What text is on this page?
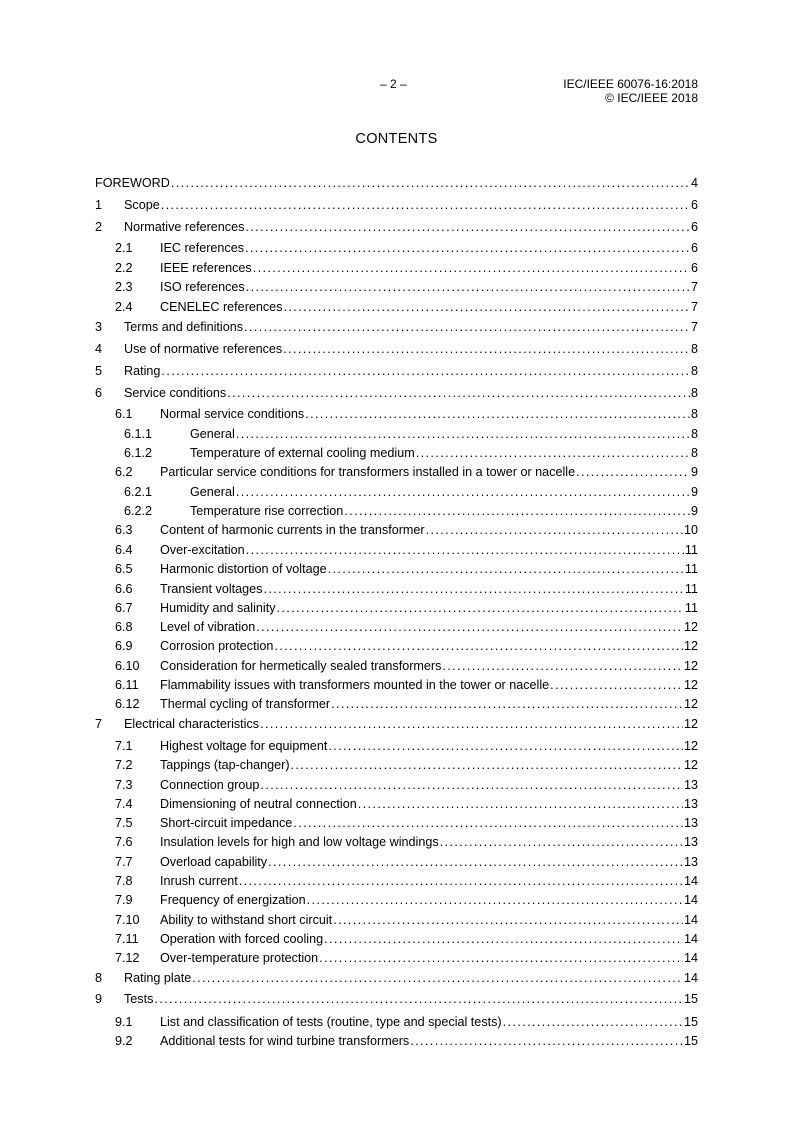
– 2 –	IEC/IEEE 60076-16:2018
© IEC/IEEE 2018
CONTENTS
FOREWORD . . .	4
1 Scope . . .	6
2 Normative references . . .	6
2.1 IEC references . . .	6
2.2 IEEE references . . .	6
2.3 ISO references . . .	7
2.4 CENELEC references . . .	7
3 Terms and definitions . . .	7
4 Use of normative references . . .	8
5 Rating . . .	8
6 Service conditions . . .	8
6.1 Normal service conditions . . .	8
6.1.1	General . . .	8
6.1.2	Temperature of external cooling medium . . .	8
6.2 Particular service conditions for transformers installed in a tower or nacelle . . .	9
6.2.1	General . . .	9
6.2.2	Temperature rise correction . . .	9
6.3 Content of harmonic currents in the transformer . . .	10
6.4 Over-excitation . . .	11
6.5 Harmonic distortion of voltage . . .	11
6.6 Transient voltages . . .	11
6.7 Humidity and salinity . . .	11
6.8 Level of vibration . . .	12
6.9 Corrosion protection . . .	12
6.10 Consideration for hermetically sealed transformers . . .	12
6.11 Flammability issues with transformers mounted in the tower or nacelle . . .	12
6.12 Thermal cycling of transformer . . .	12
7 Electrical characteristics . . .	12
7.1 Highest voltage for equipment . . .	12
7.2 Tappings (tap-changer) . . .	12
7.3 Connection group . . .	13
7.4 Dimensioning of neutral connection . . .	13
7.5 Short-circuit impedance . . .	13
7.6 Insulation levels for high and low voltage windings . . .	13
7.7 Overload capability . . .	13
7.8 Inrush current . . .	14
7.9 Frequency of energization . . .	14
7.10 Ability to withstand short circuit . . .	14
7.11 Operation with forced cooling . . .	14
7.12 Over-temperature protection . . .	14
8 Rating plate . . .	14
9 Tests . . .	15
9.1 List and classification of tests (routine, type and special tests) . . .	15
9.2 Additional tests for wind turbine transformers . . .	15
